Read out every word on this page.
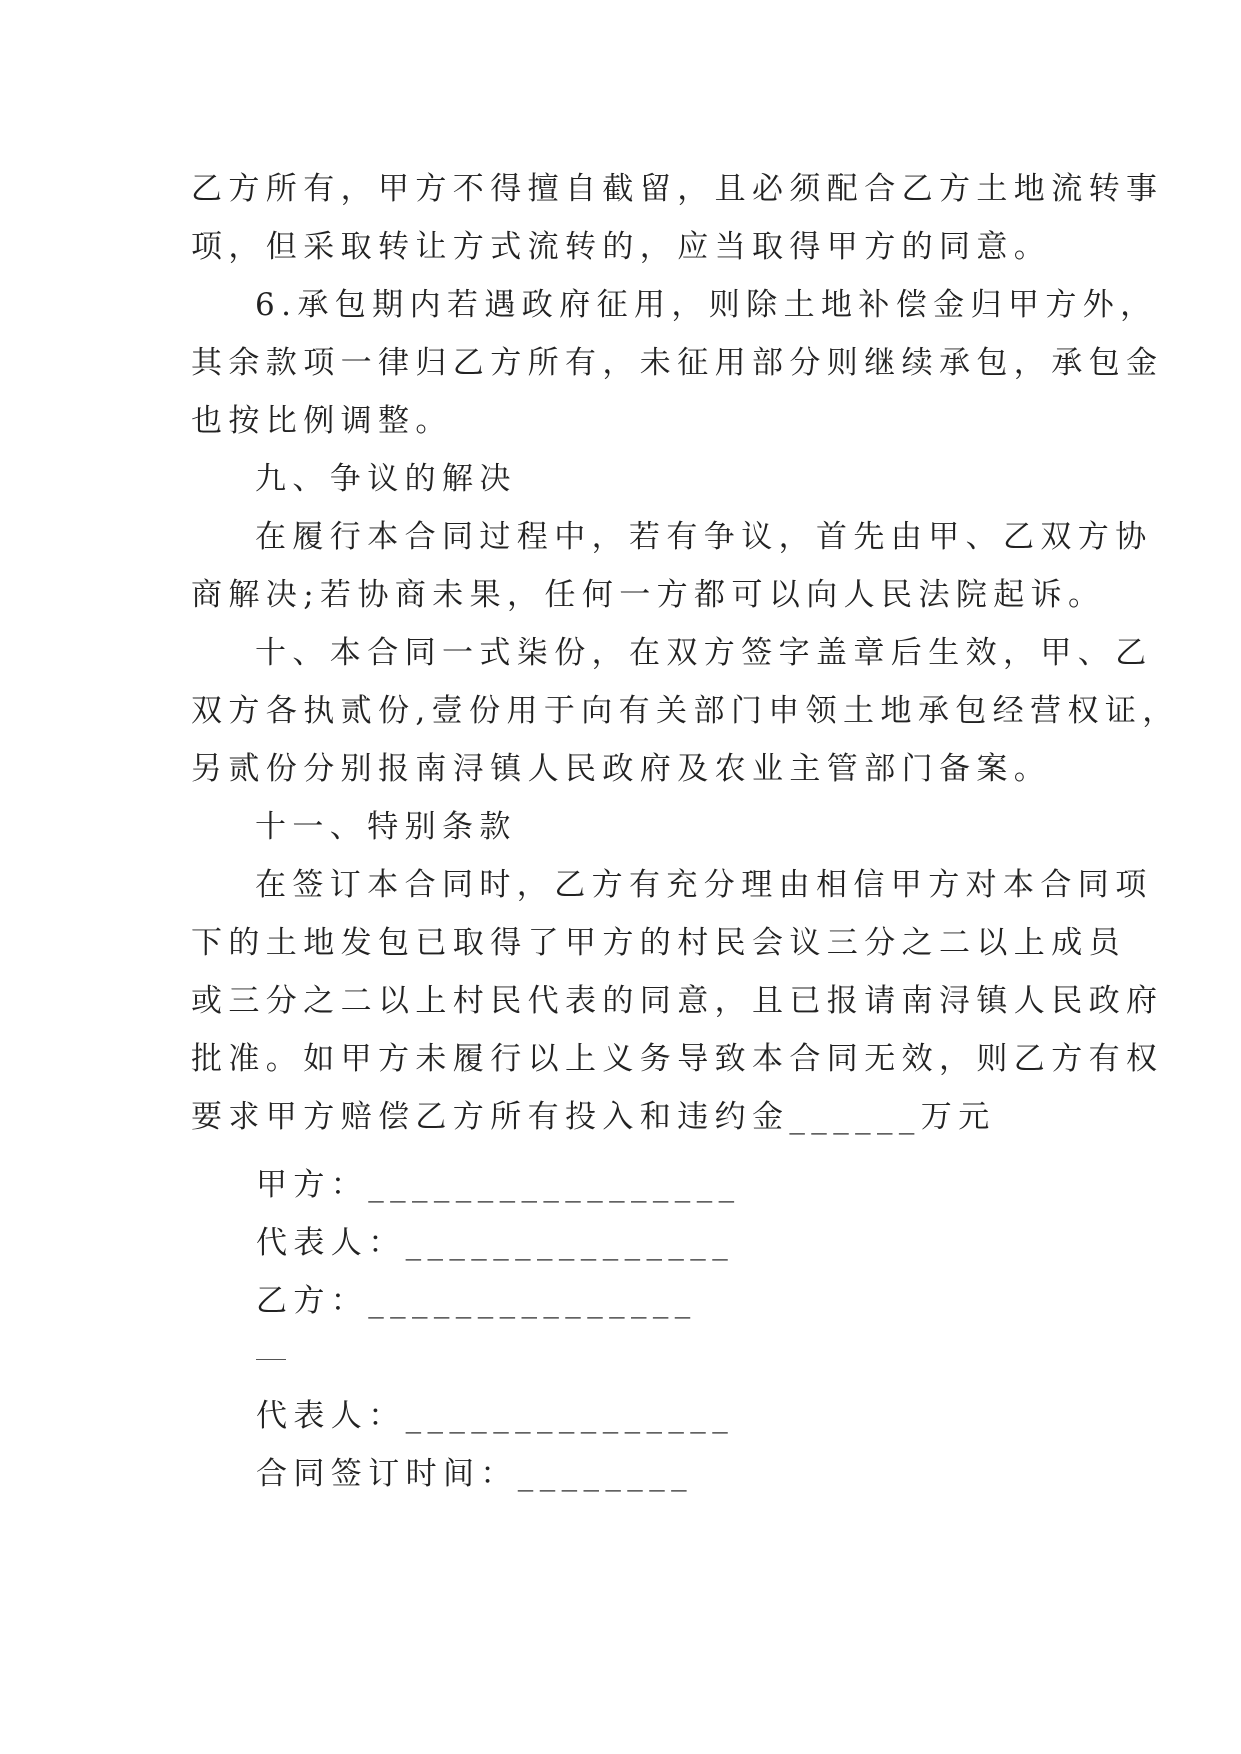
乙方所有，甲方不得擅自截留，且必须配合乙方土地流转事
项，但采取转让方式流转的，应当取得甲方的同意。
6.承包期内若遇政府征用，则除土地补偿金归甲方外，
其余款项一律归乙方所有，未征用部分则继续承包，承包金
也按比例调整。
九、争议的解决
在履行本合同过程中，若有争议，首先由甲、乙双方协
商解决;若协商未果，任何一方都可以向人民法院起诉。
十、本合同一式柒份，在双方签字盖章后生效，甲、乙
双方各执贰份,壹份用于向有关部门申领土地承包经营权证，
另贰份分别报南浔镇人民政府及农业主管部门备案。
十一、特别条款
在签订本合同时，乙方有充分理由相信甲方对本合同项
下的土地发包已取得了甲方的村民会议三分之二以上成员
或三分之二以上村民代表的同意，且已报请南浔镇人民政府
批准。如甲方未履行以上义务导致本合同无效，则乙方有权
要求甲方赔偿乙方所有投入和违约金______万元
甲方：_________________
代表人：_______________
乙方：_______________
代表人：_______________
合同签订时间：________
